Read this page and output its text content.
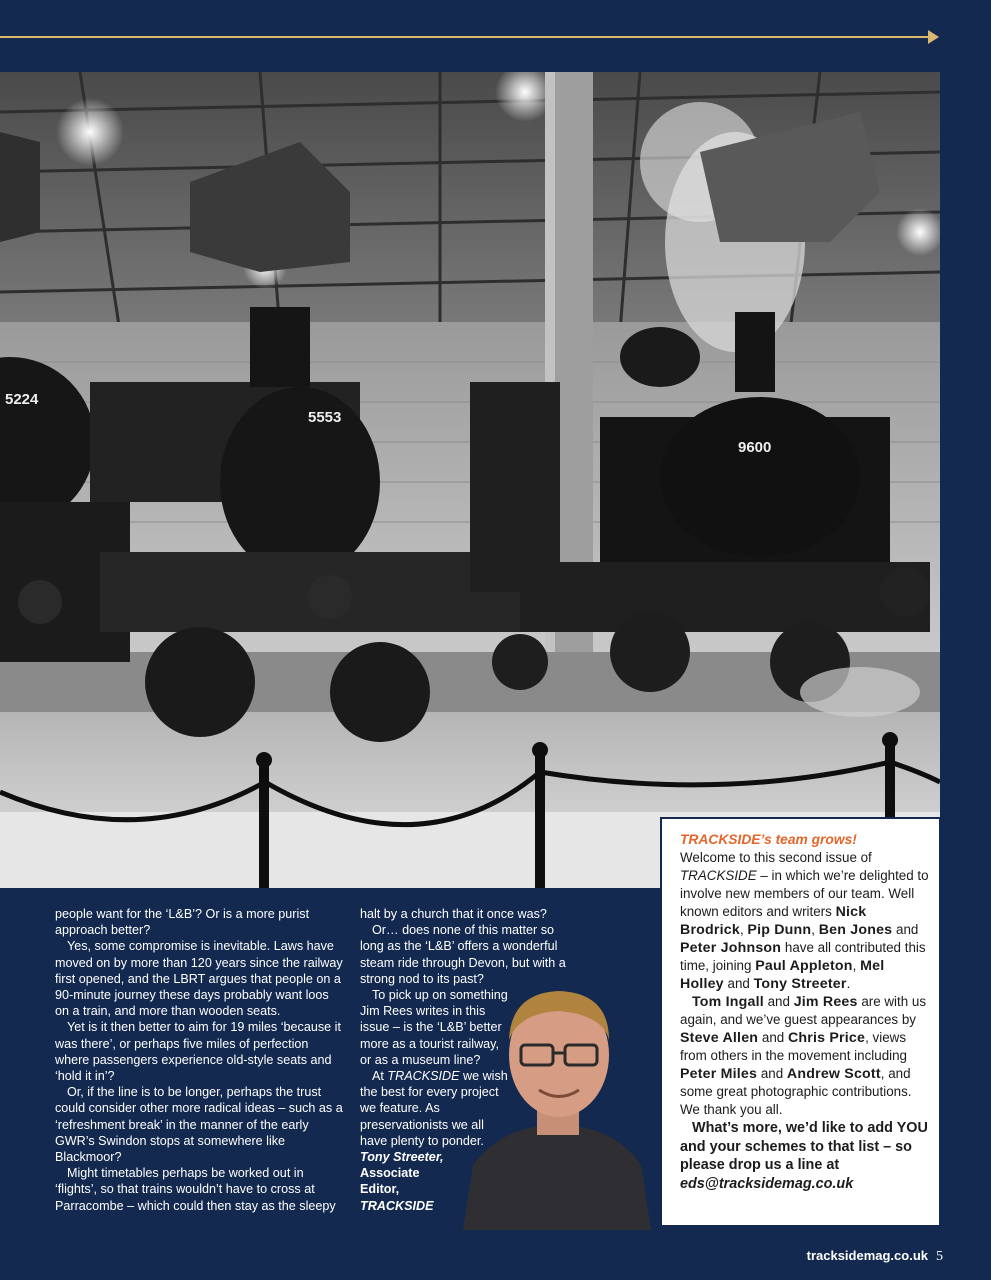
5224
5553
9600

people want for the ‘L&B’? Or is a more purist approach better?

Yes, some compromise is inevitable. Laws have moved on by more than 120 years since the railway first opened, and the LBRT argues that people on a 90-minute journey these days probably want loos on a train, and more than wooden seats.

Yet is it then better to aim for 19 miles ‘because it was there’, or perhaps five miles of perfection where passengers experience old-style seats and ‘hold it in’?

Or, if the line is to be longer, perhaps the trust could consider other more radical ideas – such as a ‘refreshment break’ in the manner of the early GWR’s Swindon stops at somewhere like Blackmoor?

Might timetables perhaps be worked out in ‘flights’, so that trains wouldn’t have to cross at Parracombe – which could then stay as the sleepy

halt by a church that it once was?

Or… does none of this matter so long as the ‘L&B’ offers a wonderful steam ride through Devon, but with a strong nod to its past?

To pick up on something Jim Rees writes in this issue – is the ‘L&B’ better more as a tourist railway, or as a museum line?

At TRACKSIDE we wish the best for every project we feature. As preservationists we all have plenty to ponder.

Tony Streeter,

Associate

Editor,

TRACKSIDE

TRACKSIDE’s team grows!

Welcome to this second issue of TRACKSIDE – in which we’re delighted to involve new members of our team. Well known editors and writers Nick Brodrick, Pip Dunn, Ben Jones and Peter Johnson have all contributed this time, joining Paul Appleton, Mel Holley and Tony Streeter.

Tom Ingall and Jim Rees are with us again, and we’ve guest appearances by Steve Allen and Chris Price, views from others in the movement including Peter Miles and Andrew Scott, and some great photographic contributions. We thank you all.

What’s more, we’d like to add YOU and your schemes to that list – so please drop us a line at eds@tracksidemag.co.uk

tracksidemag.co.uk 5
